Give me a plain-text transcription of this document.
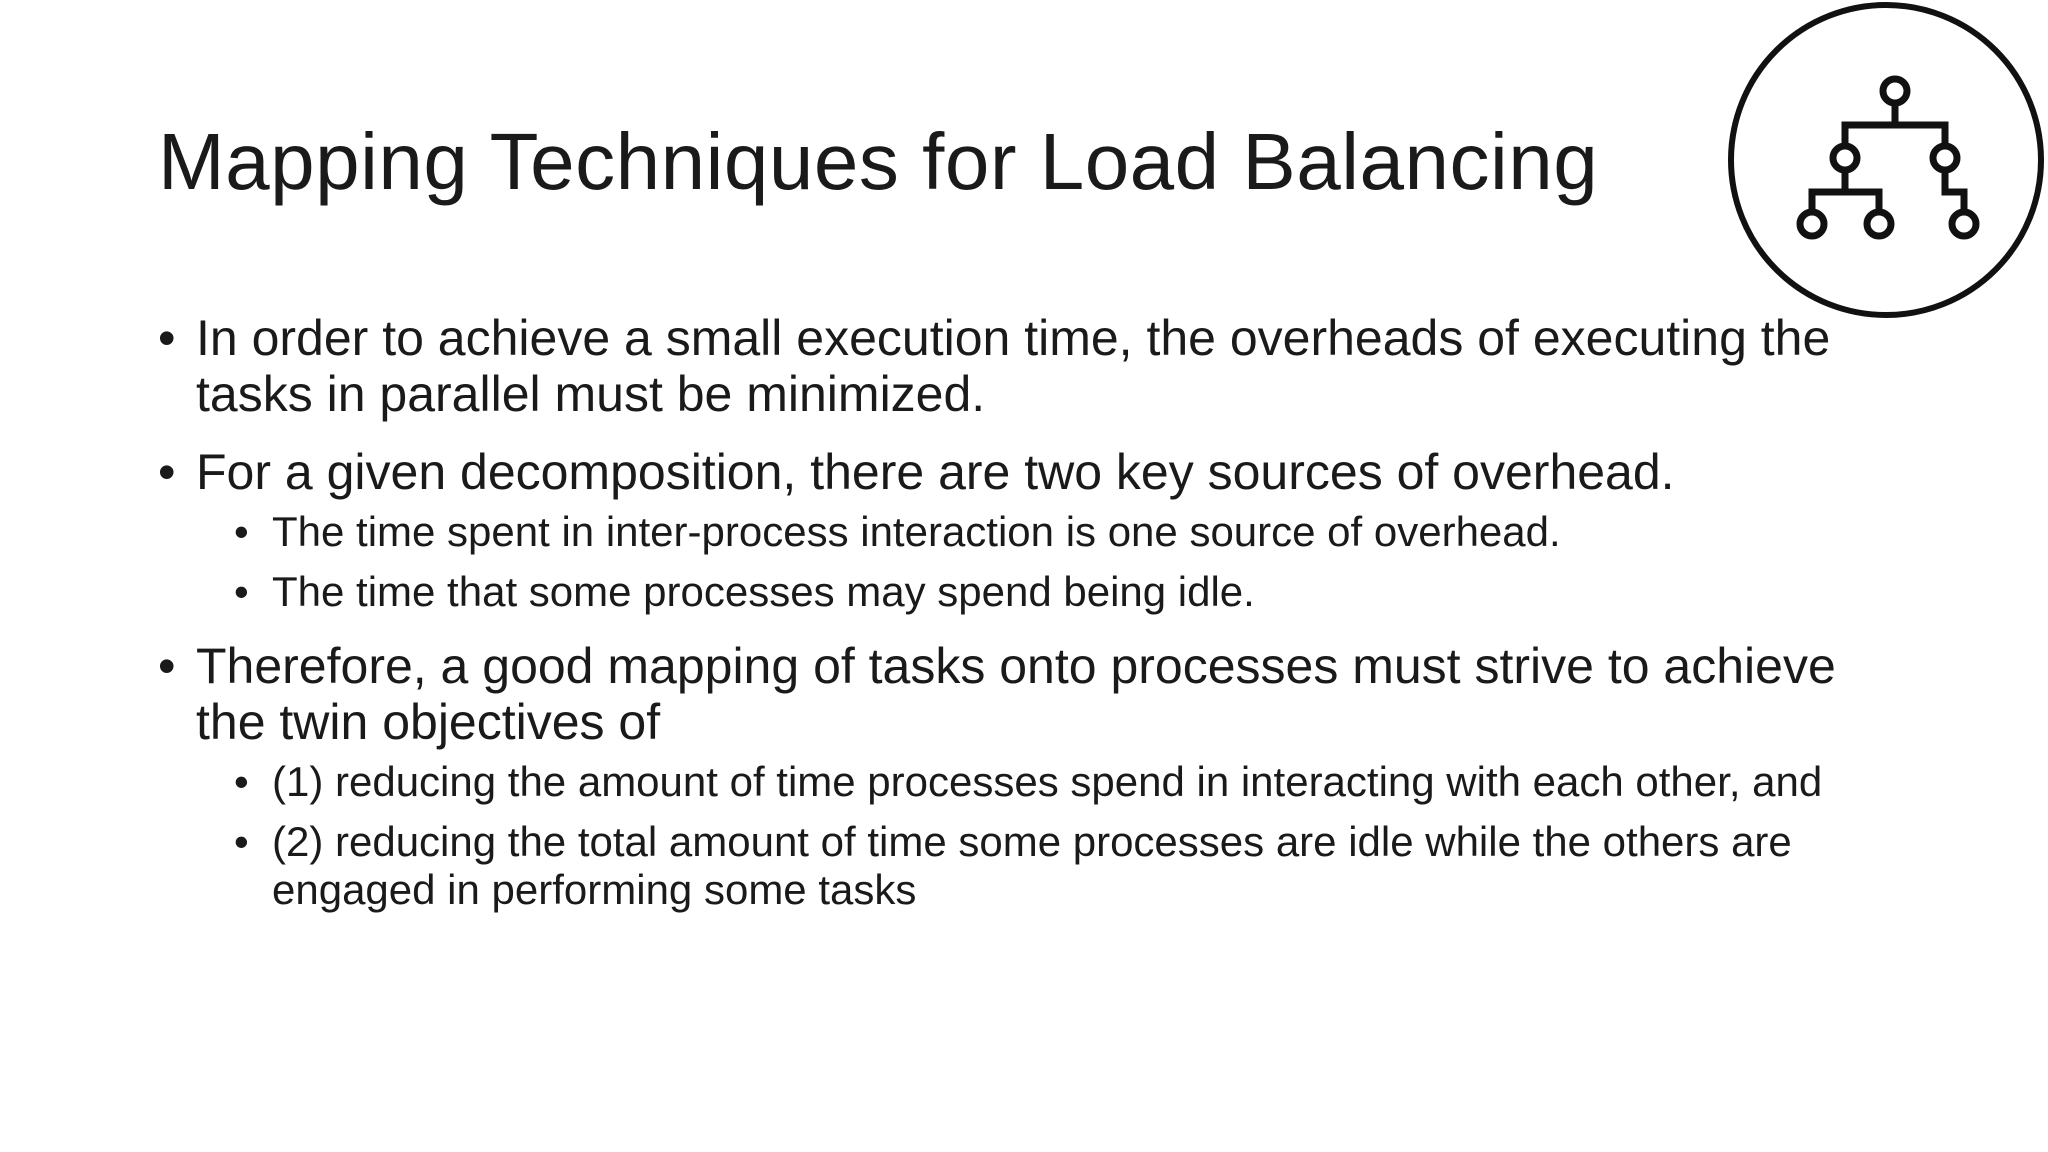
Mapping Techniques for Load Balancing
• In order to achieve a small execution time, the overheads of executing the tasks in parallel must be minimized.
• For a given decomposition, there are two key sources of overhead.
• The time spent in inter-process interaction is one source of overhead.
• The time that some processes may spend being idle.
• Therefore, a good mapping of tasks onto processes must strive to achieve the twin objectives of
• (1) reducing the amount of time processes spend in interacting with each other, and
• (2) reducing the total amount of time some processes are idle while the others are engaged in performing some tasks
